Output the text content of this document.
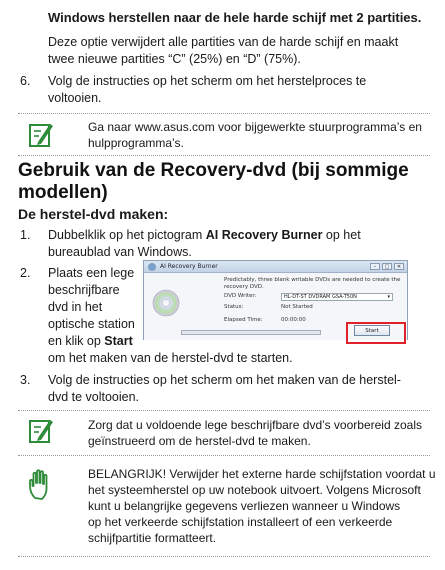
Windows herstellen naar de hele harde schijf met 2 partities.
Deze optie verwijdert alle partities van de harde schijf en maakt
twee nieuwe partities “C” (25%) en “D” (75%).
6. Volg de instructies op het scherm om het herstelproces te
voltooien.
Ga naar www.asus.com voor bijgewerkte stuurprogramma’s en
hulpprogramma’s.
Gebruik van de Recovery-dvd (bij sommige
modellen)
De herstel-dvd maken:
1. Dubbelklik op het pictogram AI Recovery Burner op het
bureaublad van Windows.
2. Plaats een lege
beschrijfbare
dvd in het
optische station
en klik op Start
om het maken van de herstel-dvd te starten.
AI Recovery Burner	–	□	✕
Predictably, three blank writable DVDs are needed to create the recovery DVD.
DVD Writer:	HL-DT-ST DVDRAM GSA-T50N	▾
Status:	Not Started
Elapsed Time:	00:00:00
Start
3. Volg de instructies op het scherm om het maken van de herstel-
dvd te voltooien.
Zorg dat u voldoende lege beschrijfbare dvd’s voorbereid zoals
geïnstrueerd om de herstel-dvd te maken.
BELANGRIJK! Verwijder het externe harde schijfstation voordat u
het systeemherstel op uw notebook uitvoert. Volgens Microsoft
kunt u belangrijke gegevens verliezen wanneer u Windows
op het verkeerde schijfstation installeert of een verkeerde
schijfpartitie formatteert.
